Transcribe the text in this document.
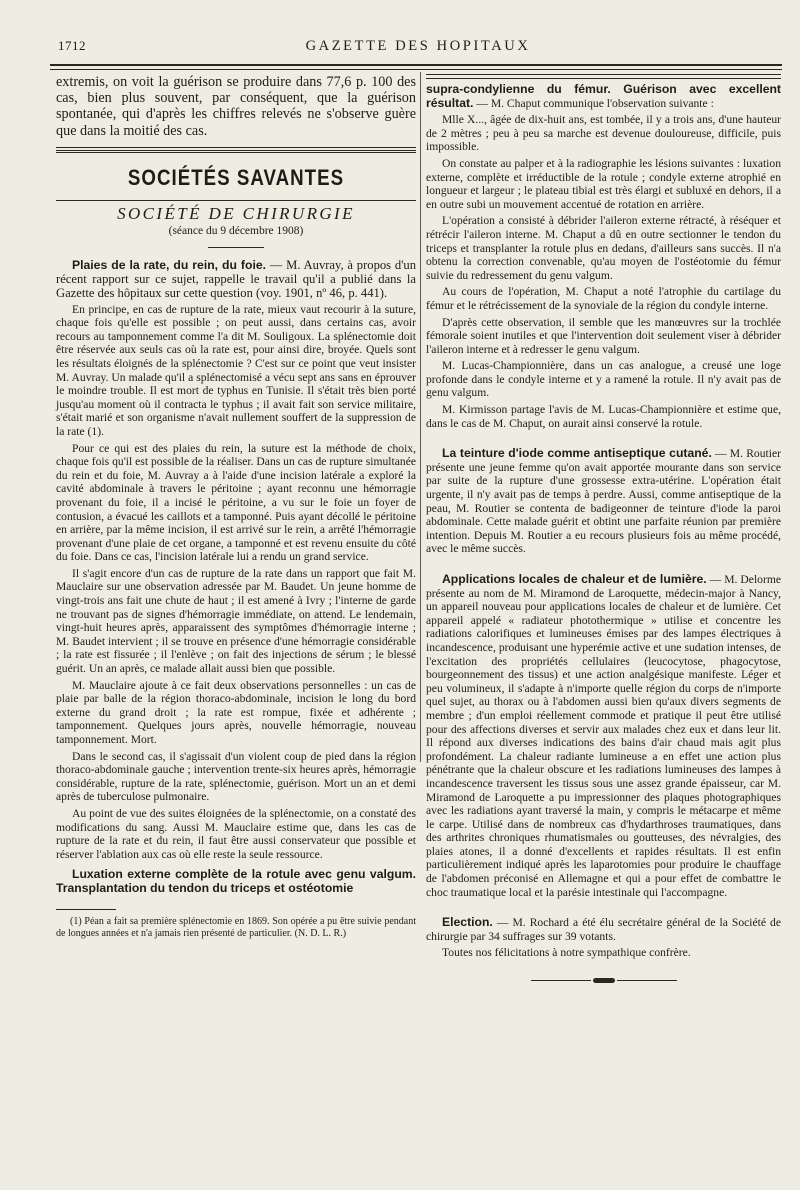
1712	GAZETTE DES HOPITAUX

extremis, on voit la guérison se produire dans 77,6 p. 100 des cas, bien plus souvent, par conséquent, que la guérison spontanée, qui d'après les chiffres relevés ne s'observe guère que dans la moitié des cas.

SOCIÉTÉS SAVANTES

SOCIÉTÉ DE CHIRURGIE

(séance du 9 décembre 1908)

Plaies de la rate, du rein, du foie. — M. Auvray, à propos d'un récent rapport sur ce sujet, rappelle le travail qu'il a publié dans la Gazette des hôpitaux sur cette question (voy. 1901, nº 46, p. 441).

En principe, en cas de rupture de la rate, mieux vaut recourir à la suture, chaque fois qu'elle est possible ; on peut aussi, dans certains cas, avoir recours au tamponnement comme l'a dit M. Souligoux. La splénectomie doit être réservée aux seuls cas où la rate est, pour ainsi dire, broyée. Quels sont les résultats éloignés de la splénectomie ? C'est sur ce point que veut insister M. Auvray. Un malade qu'il a splénectomisé a vécu sept ans sans en éprouver le moindre trouble. Il est mort de typhus en Tunisie. Il s'était très bien porté jusqu'au moment où il contracta le typhus ; il avait fait son service militaire, s'était marié et son organisme n'avait nullement souffert de la suppression de la rate (1).

Pour ce qui est des plaies du rein, la suture est la méthode de choix, chaque fois qu'il est possible de la réaliser. Dans un cas de rupture simultanée du rein et du foie, M. Auvray a à l'aide d'une incision latérale a exploré la cavité abdominale à travers le péritoine ; ayant reconnu une hémorragie provenant du foie, il a incisé le péritoine, a vu sur le foie un foyer de contusion, a évacué les caillots et a tamponné. Puis ayant décollé le péritoine en arrière, par la même incision, il est arrivé sur le rein, a arrêté l'hémorragie provenant d'une plaie de cet organe, a tamponné et est revenu ensuite du côté du foie. Dans ce cas, l'incision latérale lui a rendu un grand service.

Il s'agit encore d'un cas de rupture de la rate dans un rapport que fait M. Mauclaire sur une observation adressée par M. Baudet. Un jeune homme de vingt-trois ans fait une chute de haut ; il est amené à Ivry ; l'interne de garde ne trouvant pas de signes d'hémorragie immédiate, on attend. Le lendemain, vingt-huit heures après, apparaissent des symptômes d'hémorragie interne ; M. Baudet intervient ; il se trouve en présence d'une hémorragie considérable ; la rate est fissurée ; il l'enlève ; on fait des injections de sérum ; le blessé guérit. Un an après, ce malade allait aussi bien que possible.

M. Mauclaire ajoute à ce fait deux observations personnelles : un cas de plaie par balle de la région thoraco-abdominale, incision le long du bord externe du grand droit ; la rate est rompue, fixée et adhérente ; tamponnement. Quelques jours après, nouvelle hémorragie, nouveau tamponnement. Mort.

Dans le second cas, il s'agissait d'un violent coup de pied dans la région thoraco-abdominale gauche ; intervention trente-six heures après, hémorragie considérable, rupture de la rate, splénectomie, guérison. Mort un an et demi après de tuberculose pulmonaire.

Au point de vue des suites éloignées de la splénectomie, on a constaté des modifications du sang. Aussi M. Mauclaire estime que, dans les cas de rupture de la rate et du rein, il faut être aussi conservateur que possible et réserver l'ablation aux cas où elle reste la seule ressource.

Luxation externe complète de la rotule avec genu valgum. Transplantation du tendon du triceps et ostéotomie

(1) Péan a fait sa première splénectomie en 1869. Son opérée a pu être suivie pendant de longues années et n'a jamais rien présenté de particulier. (N. D. L. R.)

supra-condylienne du fémur. Guérison avec excellent résultat. — M. Chaput communique l'observation suivante :

Mlle X..., âgée de dix-huit ans, est tombée, il y a trois ans, d'une hauteur de 2 mètres ; peu à peu sa marche est devenue douloureuse, difficile, puis impossible.

On constate au palper et à la radiographie les lésions suivantes : luxation externe, complète et irréductible de la rotule ; condyle externe atrophié en longueur et largeur ; le plateau tibial est très élargi et subluxé en dehors, il a en outre subi un mouvement accentué de rotation en arrière.

L'opération a consisté à débrider l'aileron externe rétracté, à réséquer et rétrécir l'aileron interne. M. Chaput a dû en outre sectionner le tendon du triceps et transplanter la rotule plus en dedans, d'ailleurs sans succès. Il n'a obtenu la correction convenable, qu'au moyen de l'ostéotomie du fémur suivie du redressement du genu valgum.

Au cours de l'opération, M. Chaput a noté l'atrophie du cartilage du fémur et le rétrécissement de la synoviale de la région du condyle interne.

D'après cette observation, il semble que les manœuvres sur la trochlée fémorale soient inutiles et que l'intervention doit seulement viser à débrider l'aileron interne et à redresser le genu valgum.

M. Lucas-Championnière, dans un cas analogue, a creusé une loge profonde dans le condyle interne et y a ramené la rotule. Il n'y avait pas de genu valgum.

M. Kirmisson partage l'avis de M. Lucas-Championnière et estime que, dans le cas de M. Chaput, on aurait ainsi conservé la rotule.

La teinture d'iode comme antiseptique cutané. — M. Routier présente une jeune femme qu'on avait apportée mourante dans son service par suite de la rupture d'une grossesse extra-utérine. L'opération était urgente, il n'y avait pas de temps à perdre. Aussi, comme antiseptique de la peau, M. Routier se contenta de badigeonner de teinture d'iode la paroi abdominale. Cette malade guérit et obtint une parfaite réunion par première intention. Depuis M. Routier a eu recours plusieurs fois au même procédé, avec le même succès.

Applications locales de chaleur et de lumière. — M. Delorme présente au nom de M. Miramond de Laroquette, médecin-major à Nancy, un appareil nouveau pour applications locales de chaleur et de lumière. Cet appareil appelé « radiateur photothermique » utilise et concentre les radiations calorifiques et lumineuses émises par des lampes électriques à incandescence, produisant une hyperémie active et une sudation intenses, de l'excitation des propriétés cellulaires (leucocytose, phagocytose, bourgeonnement des tissus) et une action analgésique manifeste. Léger et peu volumineux, il s'adapte à n'importe quelle région du corps de n'importe quel sujet, au thorax ou à l'abdomen aussi bien qu'aux divers segments de membre ; d'un emploi réellement commode et pratique il peut être utilisé pour des affections diverses et servir aux malades chez eux et dans leur lit. Il répond aux diverses indications des bains d'air chaud mais agit plus profondément. La chaleur radiante lumineuse a en effet une action plus pénétrante que la chaleur obscure et les radiations lumineuses des lampes à incandescence traversent les tissus sous une assez grande épaisseur, car M. Miramond de Laroquette a pu impressionner des plaques photographiques avec les radiations ayant traversé la main, y compris le métacarpe et même le carpe. Utilisé dans de nombreux cas d'hydarthroses traumatiques, dans des arthrites chroniques rhumatismales ou goutteuses, des névralgies, des plaies atones, il a donné d'excellents et rapides résultats. Il est enfin particulièrement indiqué après les laparotomies pour produire le chauffage de l'abdomen préconisé en Allemagne et qui a pour effet de combattre le choc traumatique local et la parésie intestinale qui l'accompagne.

Election. — M. Rochard a été élu secrétaire général de la Société de chirurgie par 34 suffrages sur 39 votants.

Toutes nos félicitations à notre sympathique confrère.
